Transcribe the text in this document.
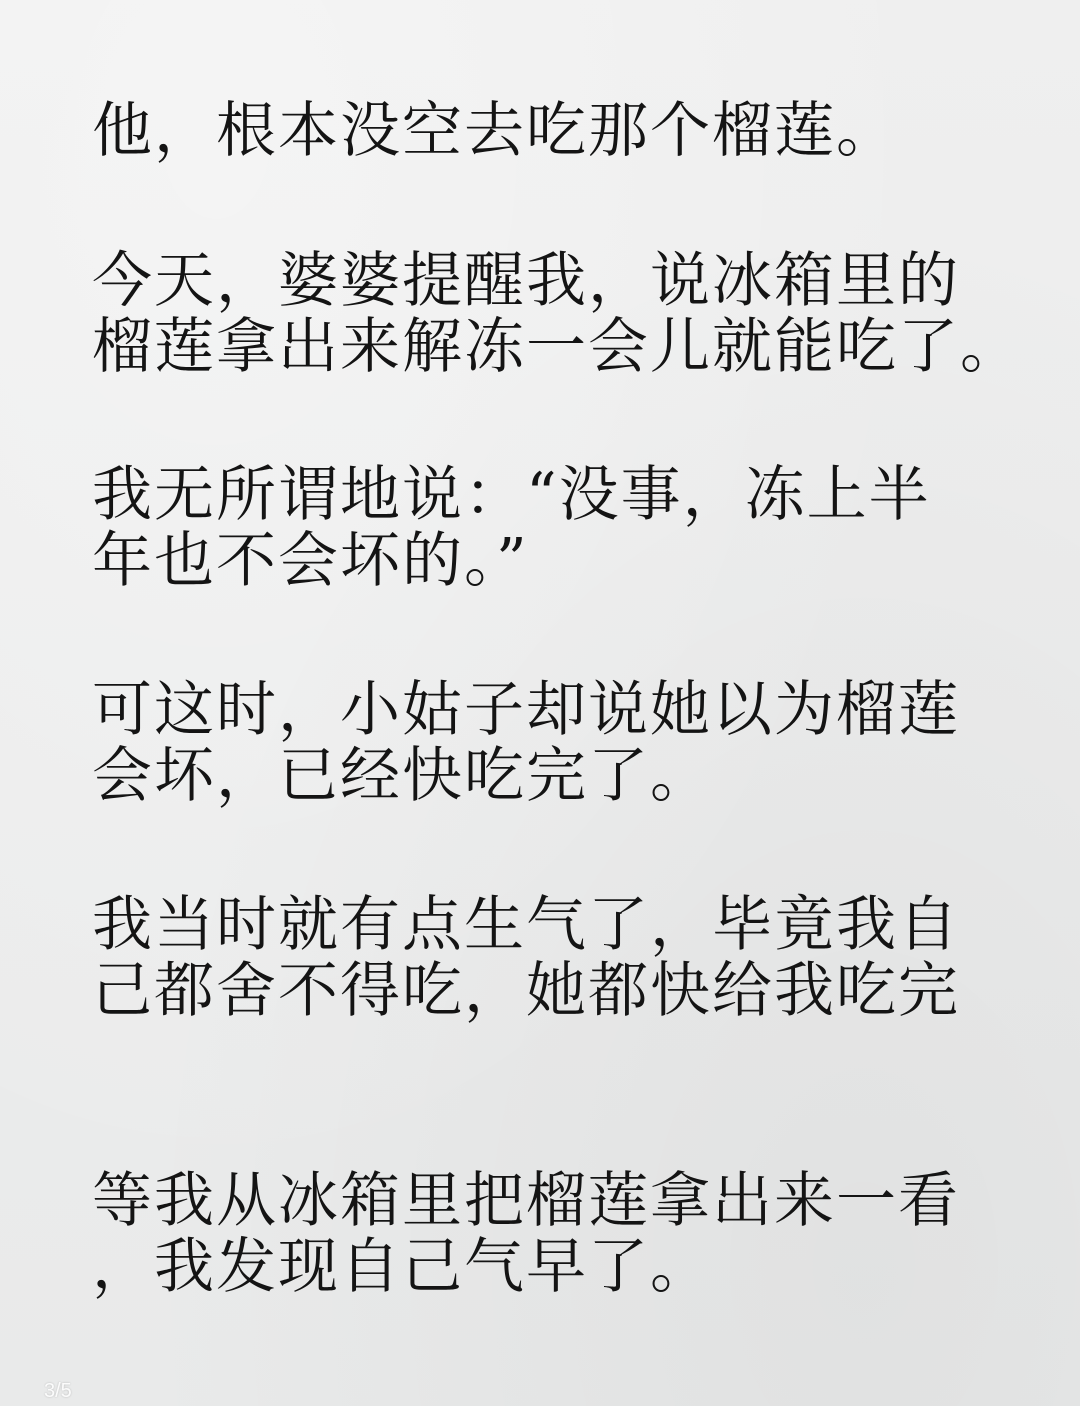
他，根本没空去吃那个榴莲。

今天，婆婆提醒我，说冰箱里的
榴莲拿出来解冻一会儿就能吃了。

我无所谓地说：“没事，冻上半
年也不会坏的。”

可这时，小姑子却说她以为榴莲
会坏，已经快吃完了。

我当时就有点生气了，毕竟我自
己都舍不得吃，她都快给我吃完

等我从冰箱里把榴莲拿出来一看
，我发现自己气早了。

3/5
